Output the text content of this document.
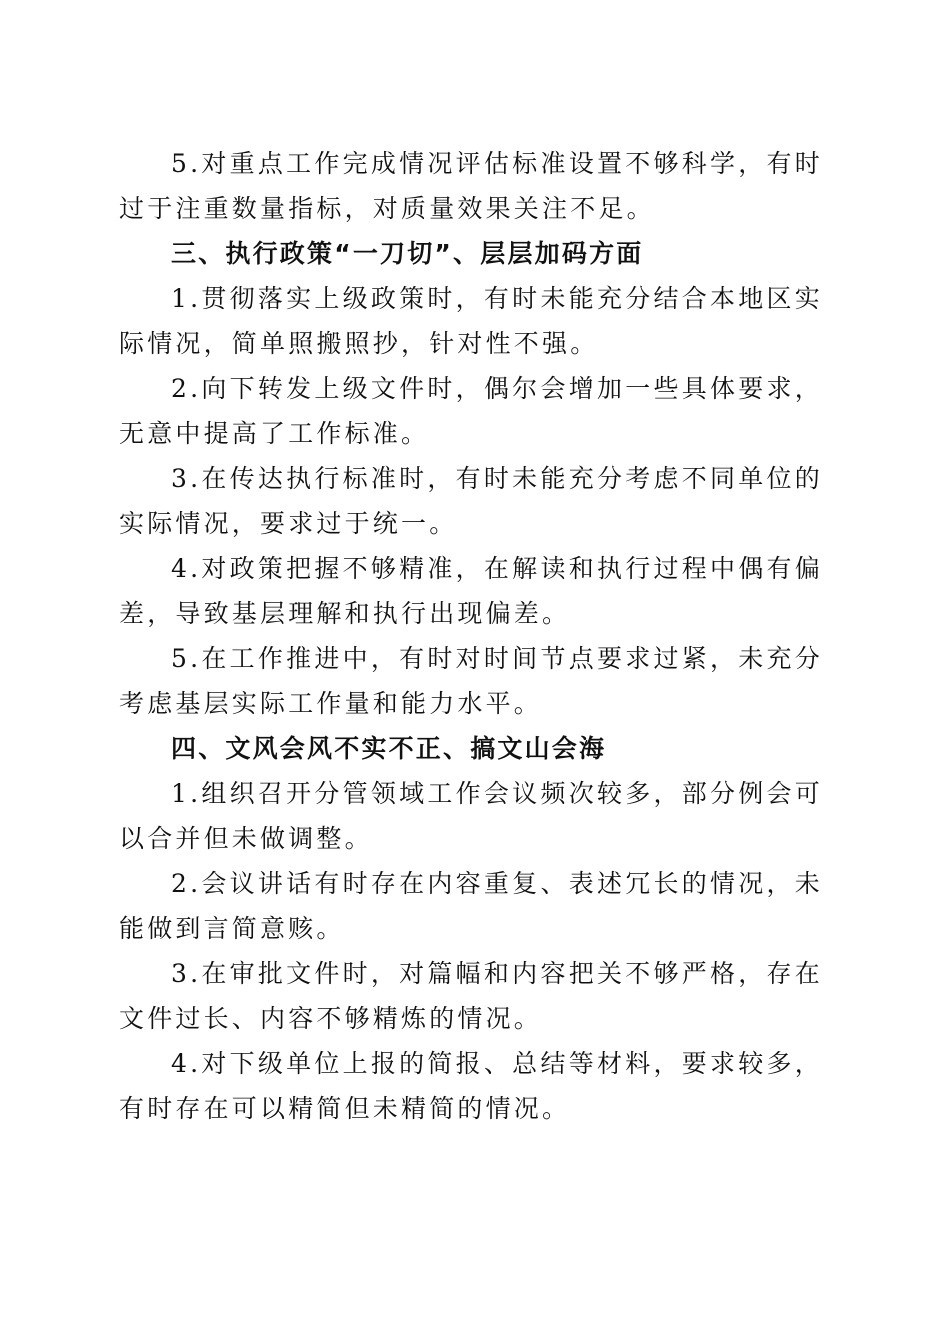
5.对重点工作完成情况评估标准设置不够科学，有时过于注重数量指标，对质量效果关注不足。

三、执行政策“一刀切”、层层加码方面

1.贯彻落实上级政策时，有时未能充分结合本地区实际情况，简单照搬照抄，针对性不强。

2.向下转发上级文件时，偶尔会增加一些具体要求，无意中提高了工作标准。

3.在传达执行标准时，有时未能充分考虑不同单位的实际情况，要求过于统一。

4.对政策把握不够精准，在解读和执行过程中偶有偏差，导致基层理解和执行出现偏差。

5.在工作推进中，有时对时间节点要求过紧，未充分考虑基层实际工作量和能力水平。

四、文风会风不实不正、搞文山会海

1.组织召开分管领域工作会议频次较多，部分例会可以合并但未做调整。

2.会议讲话有时存在内容重复、表述冗长的情况，未能做到言简意赅。

3.在审批文件时，对篇幅和内容把关不够严格，存在文件过长、内容不够精炼的情况。

4.对下级单位上报的简报、总结等材料，要求较多，有时存在可以精简但未精简的情况。
